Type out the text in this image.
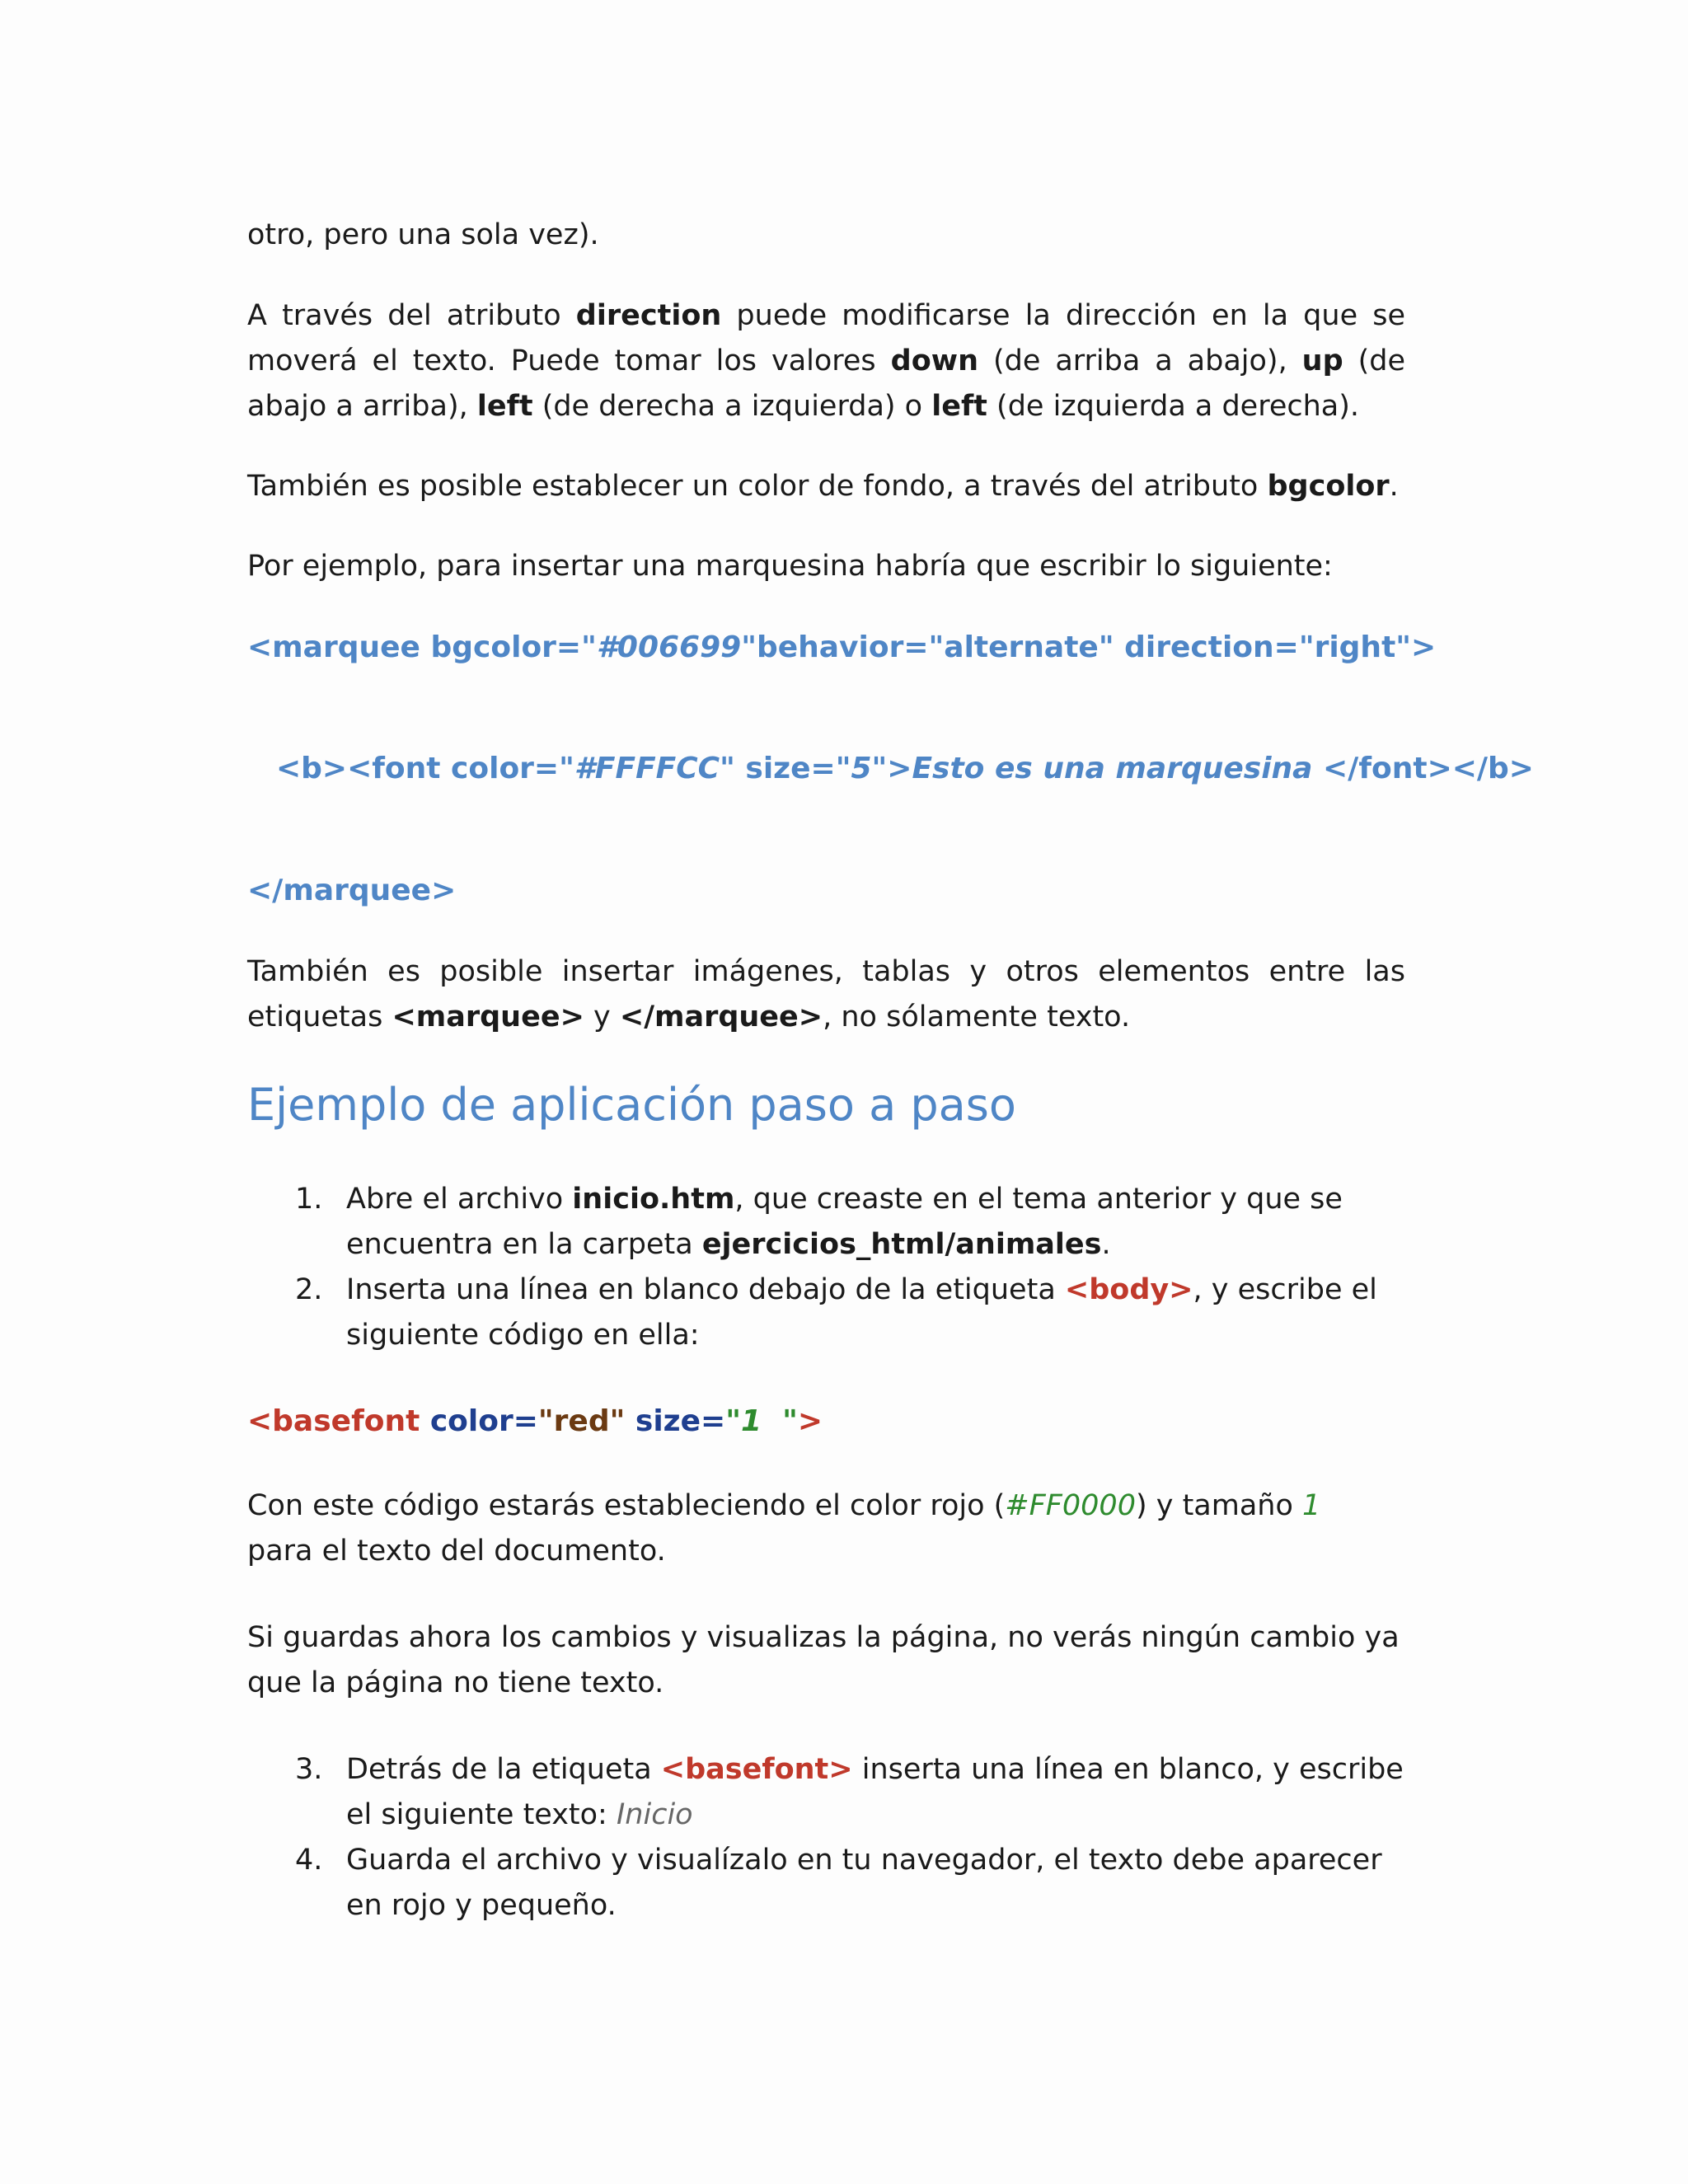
otro, pero una sola vez).

A través del atributo direction puede modificarse la dirección en la que se moverá el texto. Puede tomar los valores down (de arriba a abajo), up (de abajo a arriba), left (de derecha a izquierda) o left (de izquierda a derecha).

También es posible establecer un color de fondo, a través del atributo bgcolor.

Por ejemplo, para insertar una marquesina habría que escribir lo siguiente:

<marquee bgcolor="#006699"behavior="alternate" direction="right">

<b><font color="#FFFFCC" size="5">Esto es una marquesina </font></b>

</marquee>

También es posible insertar imágenes, tablas y otros elementos entre las etiquetas <marquee> y </marquee>, no sólamente texto.

Ejemplo de aplicación paso a paso
1. Abre el archivo inicio.htm, que creaste en el tema anterior y que se encuentra en la carpeta ejercicios_html/animales.
2. Inserta una línea en blanco debajo de la etiqueta <body>, y escribe el siguiente código en ella:

<basefont color="red" size="1  ">

Con este código estarás estableciendo el color rojo (#FF0000) y tamaño 1 para el texto del documento.

Si guardas ahora los cambios y visualizas la página, no verás ningún cambio ya que la página no tiene texto.

3. Detrás de la etiqueta <basefont> inserta una línea en blanco, y escribe el siguiente texto: Inicio
4. Guarda el archivo y visualízalo en tu navegador, el texto debe aparecer en rojo y pequeño.
